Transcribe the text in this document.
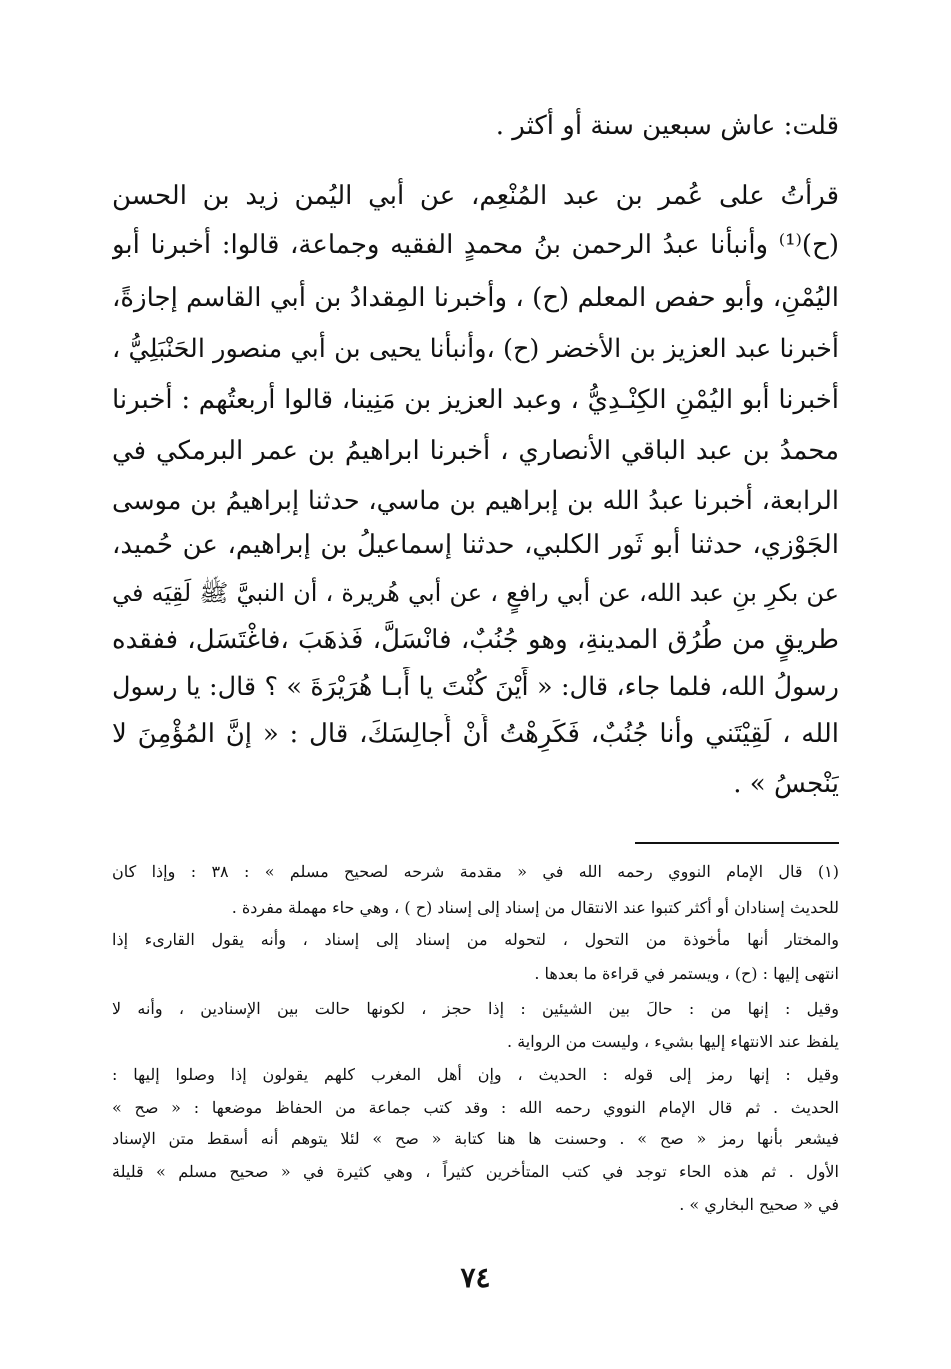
قلت: عاش سبعين سنة أو أكثر .
قرأتُ على عُمر بن عبد المُنْعِم، عن أبي اليُمن زيد بن الحسن
(ح)⁽¹⁾ وأنبأنا عبدُ الرحمن بنُ محمدٍ الفقيه وجماعة، قالوا: أخبرنا أبو
اليُمْنِ، وأبو حفص المعلم (ح) ، وأخبرنا المِقدادُ بن أبي القاسم إجازةً،
أخبرنا عبد العزيز بن الأخضر (ح) ،وأنبأنا يحيى بن أبي منصور الحَنْبَلِيُّ ،
أخبرنا أبو اليُمْنِ الكِنْـدِيُّ ، وعبد العزيز بن مَنِينا، قالوا أربعتُهم : أخبرنا
محمدُ بن عبد الباقي الأنصاري ، أخبرنا ابراهيمُ بن عمر البرمكي في
الرابعة، أخبرنا عبدُ الله بن إبراهيم بن ماسي، حدثنا إبراهيمُ بن موسى
الجَوْزي، حدثنا أبو ثَور الكلبي، حدثنا إسماعيلُ بن إبراهيم، عن حُميد،
عن بكرِ بنِ عبد الله، عن أبي رافعٍ ، عن أبي هُريرة ، أن النبيَّ ﷺ لَقِيَه في
طريقٍ من طُرُق المدينةِ، وهو جُنُبٌ، فانْسَلَّ، فَذهَبَ ،فاغْتَسَل، ففقده
رسولُ الله، فلما جاء، قال: « أَيْنَ كُنْتَ يا أَبـا هُرَيْرَةَ » ؟ قال: يا رسول
الله ، لَقِيْتَني وأنا جُنُبٌ، فَكَرِهْتُ أَنْ أُجالِسَكَ، قال : « إنَّ المُؤْمِنَ لا
يَنْجسُ » .
(١) قال الإمام النووي رحمه الله في « مقدمة شرحه لصحيح مسلم » : ٣٨ : وإذا كان
للحديث إسنادان أو أكثر كتبوا عند الانتقال من إسناد إلى إسناد (ح ) ، وهي حاء مهملة مفردة .
والمختار أنها مأخوذة من التحول ، لتحوله من إسناد إلى إسناد ، وأنه يقول القارىء إذا
انتهى إليها : (ح) ، ويستمر في قراءة ما بعدها .
وقيل : إنها من : حالَ بين الشيئين : إذا حجز ، لكونها حالت بين الإسنادين ، وأنه لا
يلفظ عند الانتهاء إليها بشيء ، وليست من الرواية .
وقيل : إنها رمز إلى قوله : الحديث ، وإن أهل المغرب كلهم يقولون إذا وصلوا إليها :
الحديث . ثم قال الإمام النووي رحمه الله : وقد كتب جماعة من الحفاظ موضعها : « صح »
فيشعر بأنها رمز « صح » . وحسنت ها هنا كتابة « صح » لئلا يتوهم أنه أسقط متن الإسناد
الأول . ثم هذه الحاء توجد في كتب المتأخرين كثيراً ، وهي كثيرة في « صحيح مسلم » قليلة
في « صحيح البخاري » .
٧٤
